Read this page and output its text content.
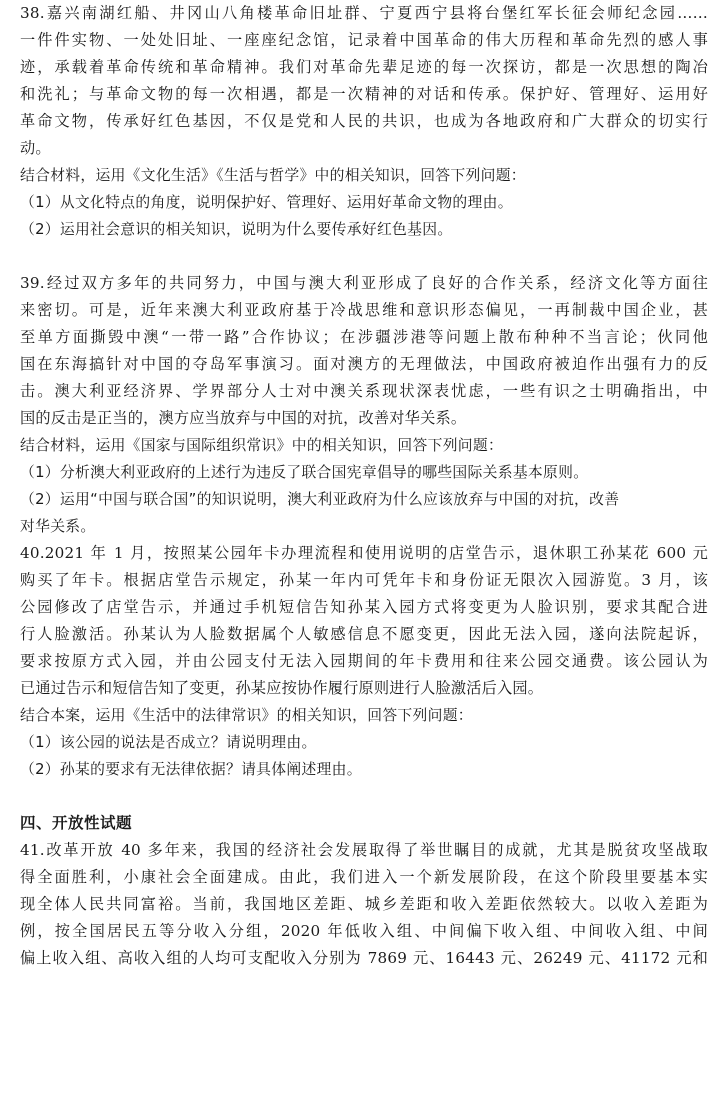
38.嘉兴南湖红船、井冈山八角楼革命旧址群、宁夏西宁县将台堡红军长征会师纪念园……

一件件实物、一处处旧址、一座座纪念馆，记录着中国革命的伟大历程和革命先烈的感人事

迹，承载着革命传统和革命精神。我们对革命先辈足迹的每一次探访，都是一次思想的陶冶

和洗礼；与革命文物的每一次相遇，都是一次精神的对话和传承。保护好、管理好、运用好

革命文物，传承好红色基因，不仅是党和人民的共识，也成为各地政府和广大群众的切实行

动。

结合材料，运用《文化生活》《生活与哲学》中的相关知识，回答下列问题：

（1）从文化特点的角度，说明保护好、管理好、运用好革命文物的理由。

（2）运用社会意识的相关知识，说明为什么要传承好红色基因。

39.经过双方多年的共同努力，中国与澳大利亚形成了良好的合作关系，经济文化等方面往

来密切。可是，近年来澳大利亚政府基于冷战思维和意识形态偏见，一再制裁中国企业，甚

至单方面撕毁中澳“一带一路”合作协议；在涉疆涉港等问题上散布种种不当言论；伙同他

国在东海搞针对中国的夺岛军事演习。面对澳方的无理做法，中国政府被迫作出强有力的反

击。澳大利亚经济界、学界部分人士对中澳关系现状深表忧虑，一些有识之士明确指出，中

国的反击是正当的，澳方应当放弃与中国的对抗，改善对华关系。

结合材料，运用《国家与国际组织常识》中的相关知识，回答下列问题：

（1）分析澳大利亚政府的上述行为违反了联合国宪章倡导的哪些国际关系基本原则。

（2）运用“中国与联合国”的知识说明，澳大利亚政府为什么应该放弃与中国的对抗，改善

对华关系。

40.2021 年 1 月，按照某公园年卡办理流程和使用说明的店堂告示，退休职工孙某花 600 元

购买了年卡。根据店堂告示规定，孙某一年内可凭年卡和身份证无限次入园游览。3 月，该

公园修改了店堂告示，并通过手机短信告知孙某入园方式将变更为人脸识别，要求其配合进

行人脸激活。孙某认为人脸数据属个人敏感信息不愿变更，因此无法入园，遂向法院起诉，

要求按原方式入园，并由公园支付无法入园期间的年卡费用和往来公园交通费。该公园认为

已通过告示和短信告知了变更，孙某应按协作履行原则进行人脸激活后入园。

结合本案，运用《生活中的法律常识》的相关知识，回答下列问题：

（1）该公园的说法是否成立？请说明理由。

（2）孙某的要求有无法律依据？请具体阐述理由。

四、开放性试题

41.改革开放 40 多年来，我国的经济社会发展取得了举世瞩目的成就，尤其是脱贫攻坚战取

得全面胜利，小康社会全面建成。由此，我们进入一个新发展阶段，在这个阶段里要基本实

现全体人民共同富裕。当前，我国地区差距、城乡差距和收入差距依然较大。以收入差距为

例，按全国居民五等分收入分组，2020 年低收入组、中间偏下收入组、中间收入组、中间

偏上收入组、高收入组的人均可支配收入分别为 7869 元、16443 元、26249 元、41172 元和
